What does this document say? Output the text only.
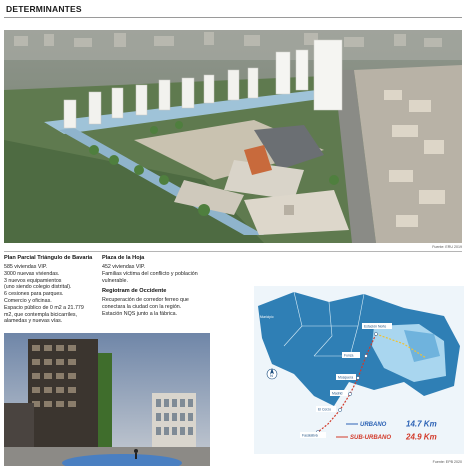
DETERMINANTES
Fuente: ERU 2019
Plan Parcial Triángulo de Bavaria
585 viviendas VIP.
3000 nuevas viviendas.
3 nuevos equipamientos
(uno siendo colegio distrital).
6 cesiones para parques.
Comercio y oficinas.
Espacio público de 0 m2 a 21.779
m2, que contempla bicicarriles,
alamedas y nuevas vías.
Plaza de la Hoja
452 viviendas VIP.
Familias víctima del conflicto y población
vulnerable.
Regiotram de Occidente
Recuperación de corredor ferreo que
conectara la ciudad con la región.
Estación NQS junto a la fábrica.
N
Municipio
Estación Norte
Funza
Mosquera
Madrid
El Corzo
Facatativá
URBANO 14.7 Km
SUB-URBANO 24.9 Km
Fuente: EPB 2020
